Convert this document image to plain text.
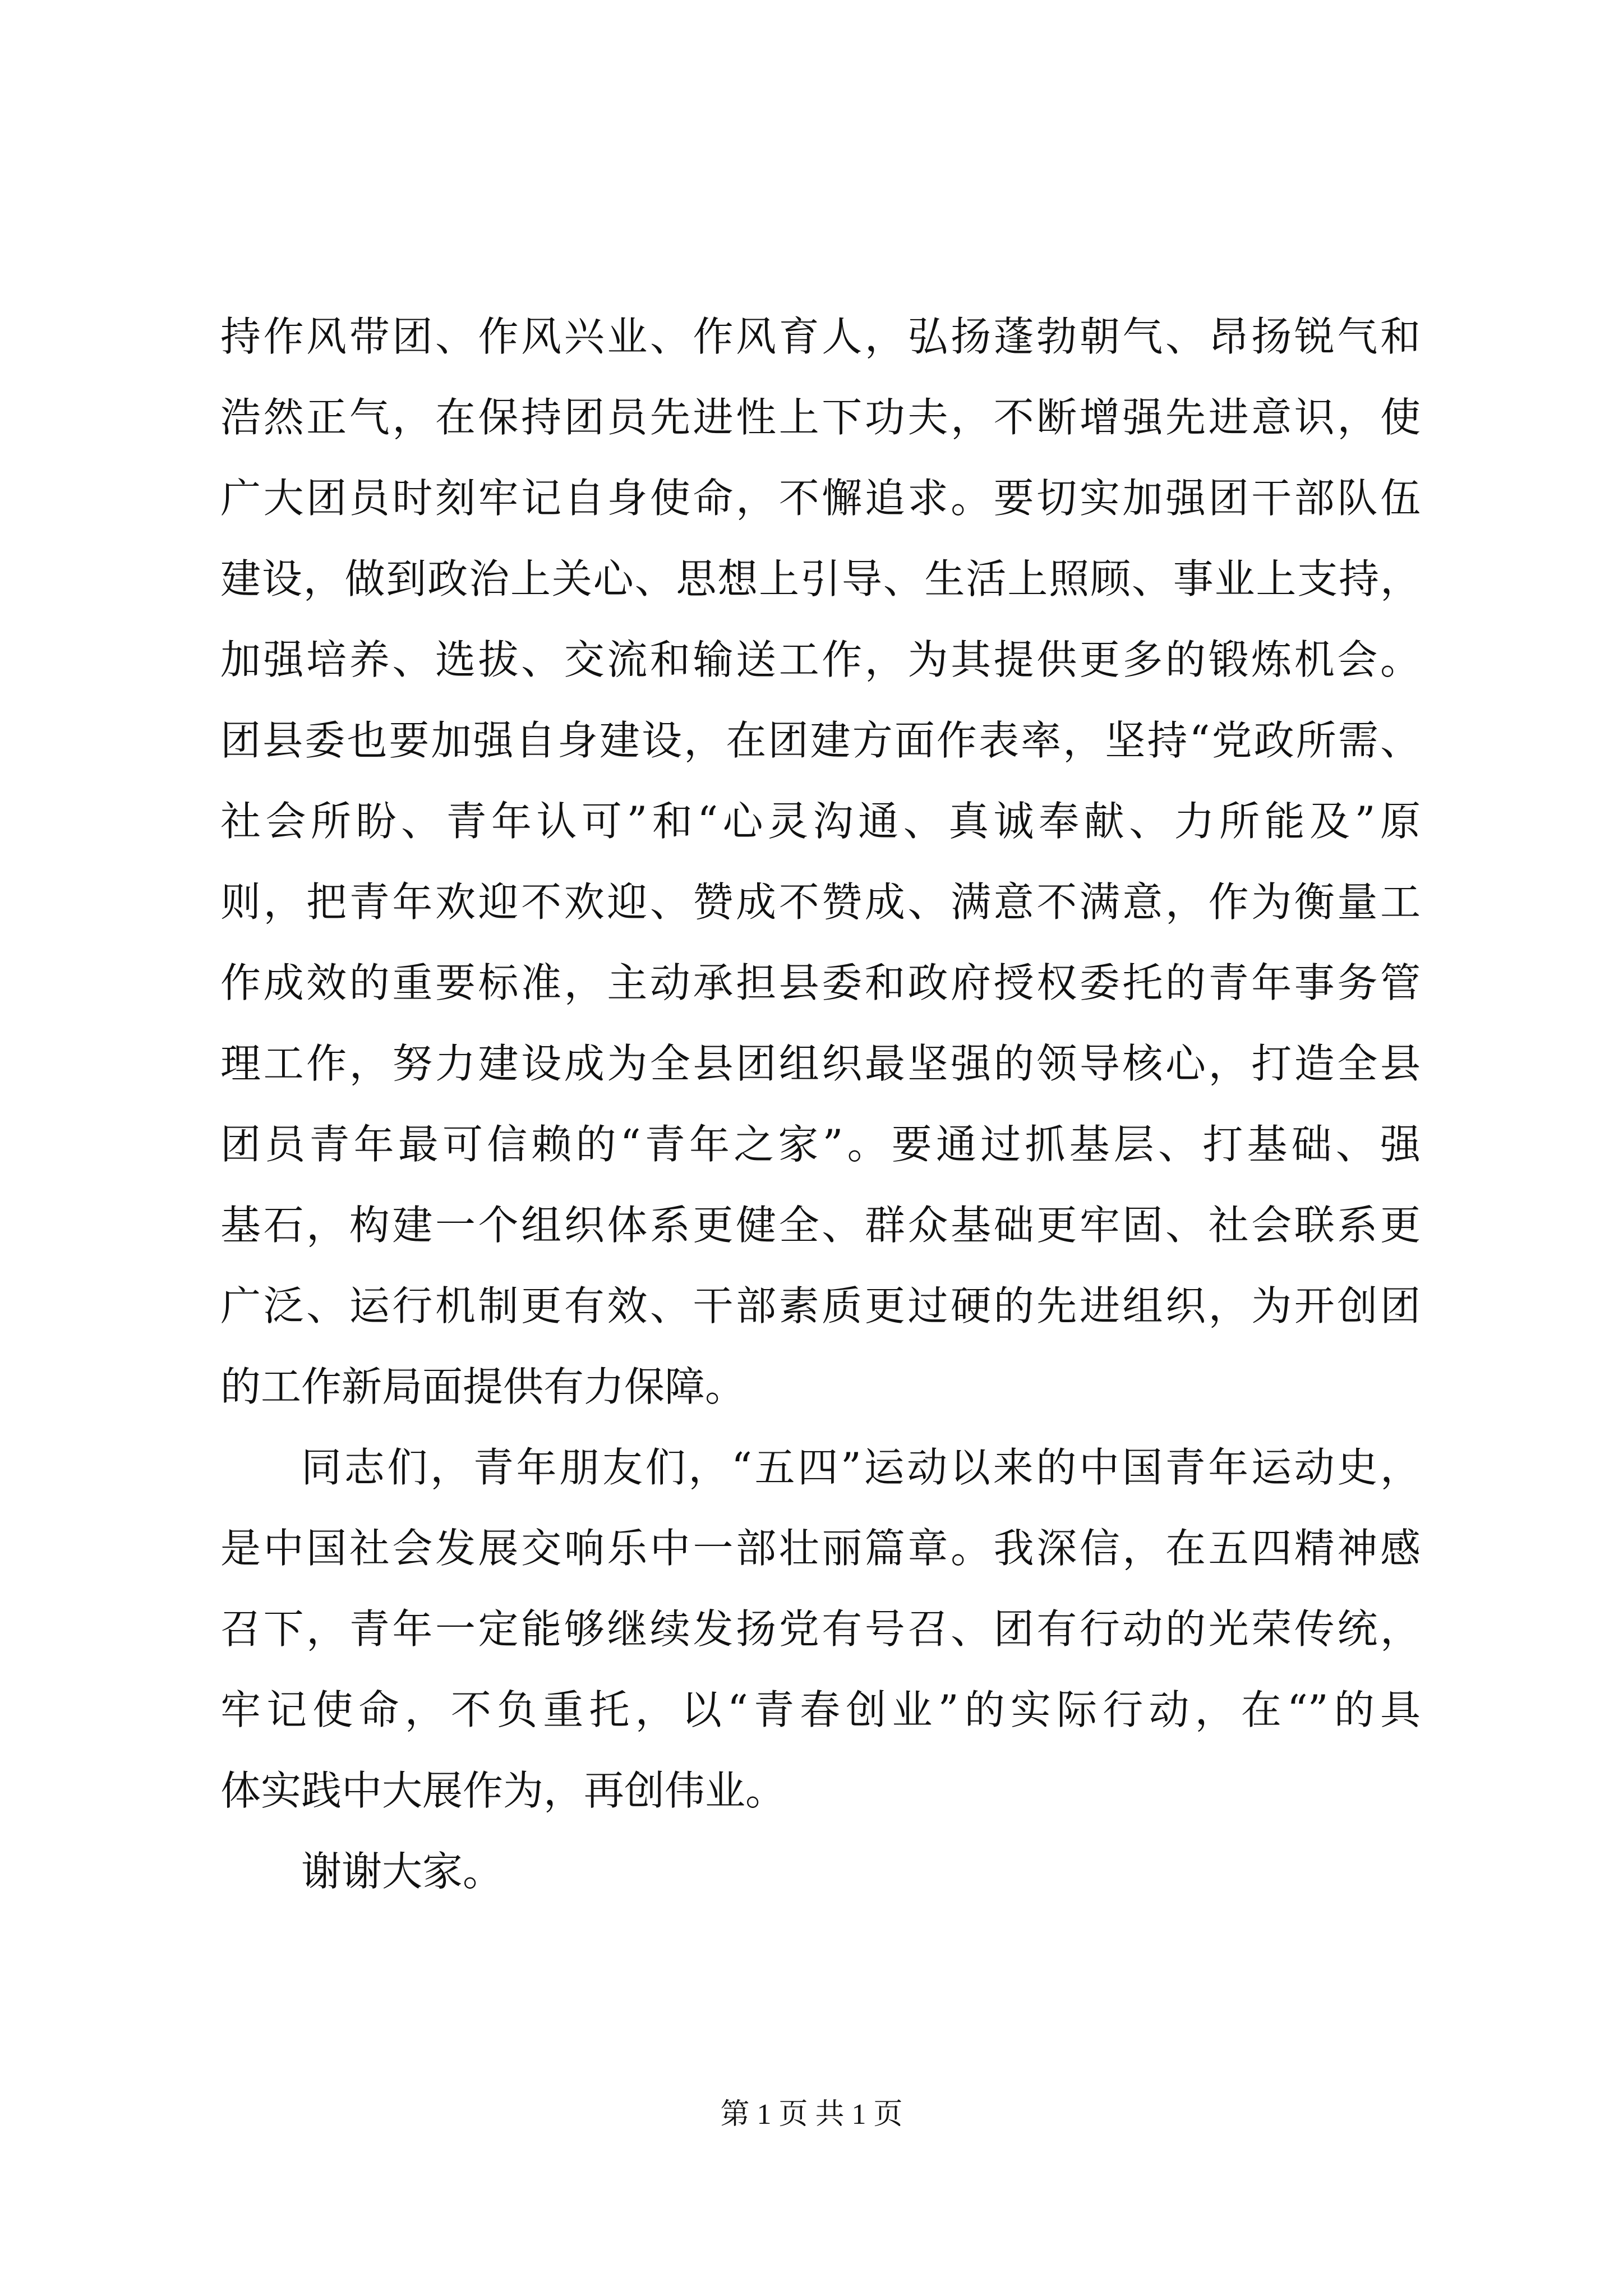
持作风带团、作风兴业、作风育人，弘扬蓬勃朝气、昂扬锐气和

浩然正气，在保持团员先进性上下功夫，不断增强先进意识，使

广大团员时刻牢记自身使命，不懈追求。要切实加强团干部队伍

建设，做到政治上关心、思想上引导、生活上照顾、事业上支持，

加强培养、选拔、交流和输送工作，为其提供更多的锻炼机会。

团县委也要加强自身建设，在团建方面作表率，坚持“党政所需、

社会所盼、青年认可”和“心灵沟通、真诚奉献、力所能及”原

则，把青年欢迎不欢迎、赞成不赞成、满意不满意，作为衡量工

作成效的重要标准，主动承担县委和政府授权委托的青年事务管

理工作，努力建设成为全县团组织最坚强的领导核心，打造全县

团员青年最可信赖的“青年之家”。要通过抓基层、打基础、强

基石，构建一个组织体系更健全、群众基础更牢固、社会联系更

广泛、运行机制更有效、干部素质更过硬的先进组织，为开创团

的工作新局面提供有力保障。

同志们，青年朋友们，“五四”运动以来的中国青年运动史，

是中国社会发展交响乐中一部壮丽篇章。我深信，在五四精神感

召下，青年一定能够继续发扬党有号召、团有行动的光荣传统，

牢记使命，不负重托，以“青春创业”的实际行动，在“”的具

体实践中大展作为，再创伟业。

谢谢大家。

第 1 页 共 1 页
